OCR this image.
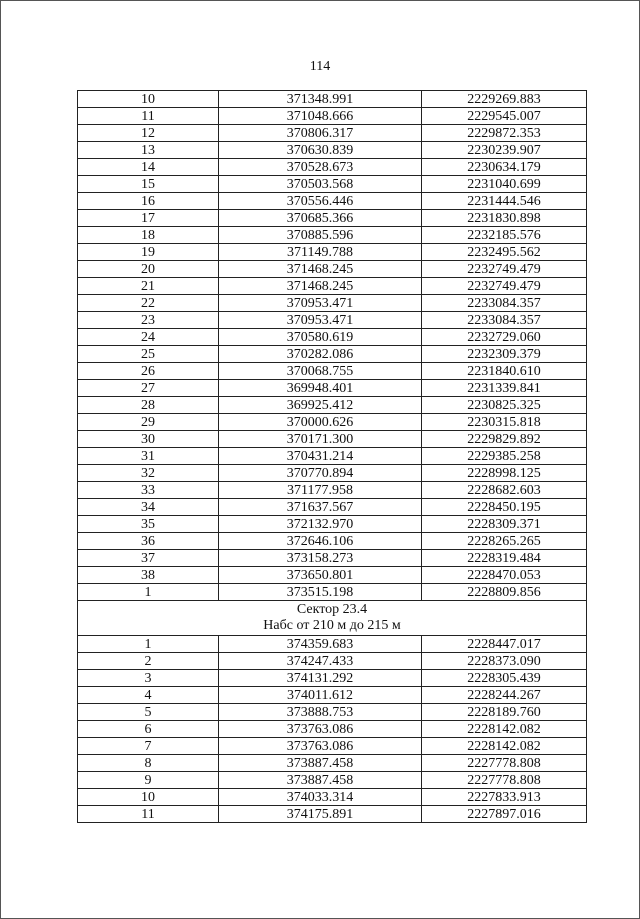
114
10	371348.991	2229269.883
11	371048.666	2229545.007
12	370806.317	2229872.353
13	370630.839	2230239.907
14	370528.673	2230634.179
15	370503.568	2231040.699
16	370556.446	2231444.546
17	370685.366	2231830.898
18	370885.596	2232185.576
19	371149.788	2232495.562
20	371468.245	2232749.479
21	371468.245	2232749.479
22	370953.471	2233084.357
23	370953.471	2233084.357
24	370580.619	2232729.060
25	370282.086	2232309.379
26	370068.755	2231840.610
27	369948.401	2231339.841
28	369925.412	2230825.325
29	370000.626	2230315.818
30	370171.300	2229829.892
31	370431.214	2229385.258
32	370770.894	2228998.125
33	371177.958	2228682.603
34	371637.567	2228450.195
35	372132.970	2228309.371
36	372646.106	2228265.265
37	373158.273	2228319.484
38	373650.801	2228470.053
1	373515.198	2228809.856

Сектор 23.4
Набс от 210 м до 215 м		

1	374359.683	2228447.017
2	374247.433	2228373.090
3	374131.292	2228305.439
4	374011.612	2228244.267
5	373888.753	2228189.760
6	373763.086	2228142.082
7	373763.086	2228142.082
8	373887.458	2227778.808
9	373887.458	2227778.808
10	374033.314	2227833.913
11	374175.891	2227897.016
